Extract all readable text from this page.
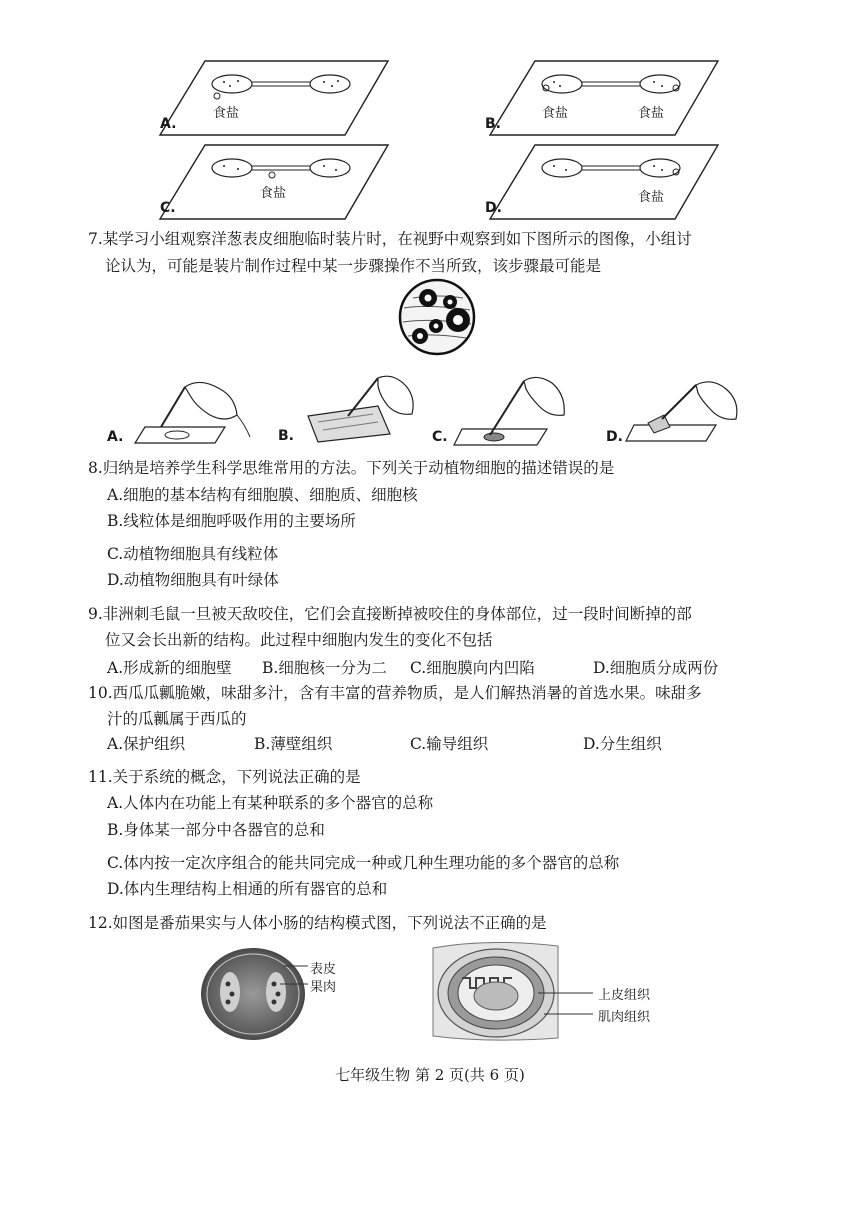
食盐
A.
食盐	食盐
B.
食盐
C.
食盐
D.
7.某学习小组观察洋葱表皮细胞临时装片时，在视野中观察到如下图所示的图像，小组讨
论认为，可能是装片制作过程中某一步骤操作不当所致，该步骤最可能是
A.	B.	C.	D.
8.归纳是培养学生科学思维常用的方法。下列关于动植物细胞的描述错误的是
A.细胞的基本结构有细胞膜、细胞质、细胞核
B.线粒体是细胞呼吸作用的主要场所
C.动植物细胞具有线粒体
D.动植物细胞具有叶绿体
9.非洲刺毛鼠一旦被天敌咬住，它们会直接断掉被咬住的身体部位，过一段时间断掉的部
位又会长出新的结构。此过程中细胞内发生的变化不包括
A.形成新的细胞壁 B.细胞核一分为二 C.细胞膜向内凹陷	D.细胞质分成两份
10.西瓜瓜瓤脆嫩，味甜多汁，含有丰富的营养物质，是人们解热消暑的首选水果。味甜多
汁的瓜瓤属于西瓜的
A.保护组织	B.薄壁组织	C.输导组织	D.分生组织
11.关于系统的概念，下列说法正确的是
A.人体内在功能上有某种联系的多个器官的总称
B.身体某一部分中各器官的总和
C.体内按一定次序组合的能共同完成一种或几种生理功能的多个器官的总称
D.体内生理结构上相通的所有器官的总和
12.如图是番茄果实与人体小肠的结构模式图，下列说法不正确的是
表皮
果肉
上皮组织
肌肉组织
七年级生物 第 2 页(共 6 页)
